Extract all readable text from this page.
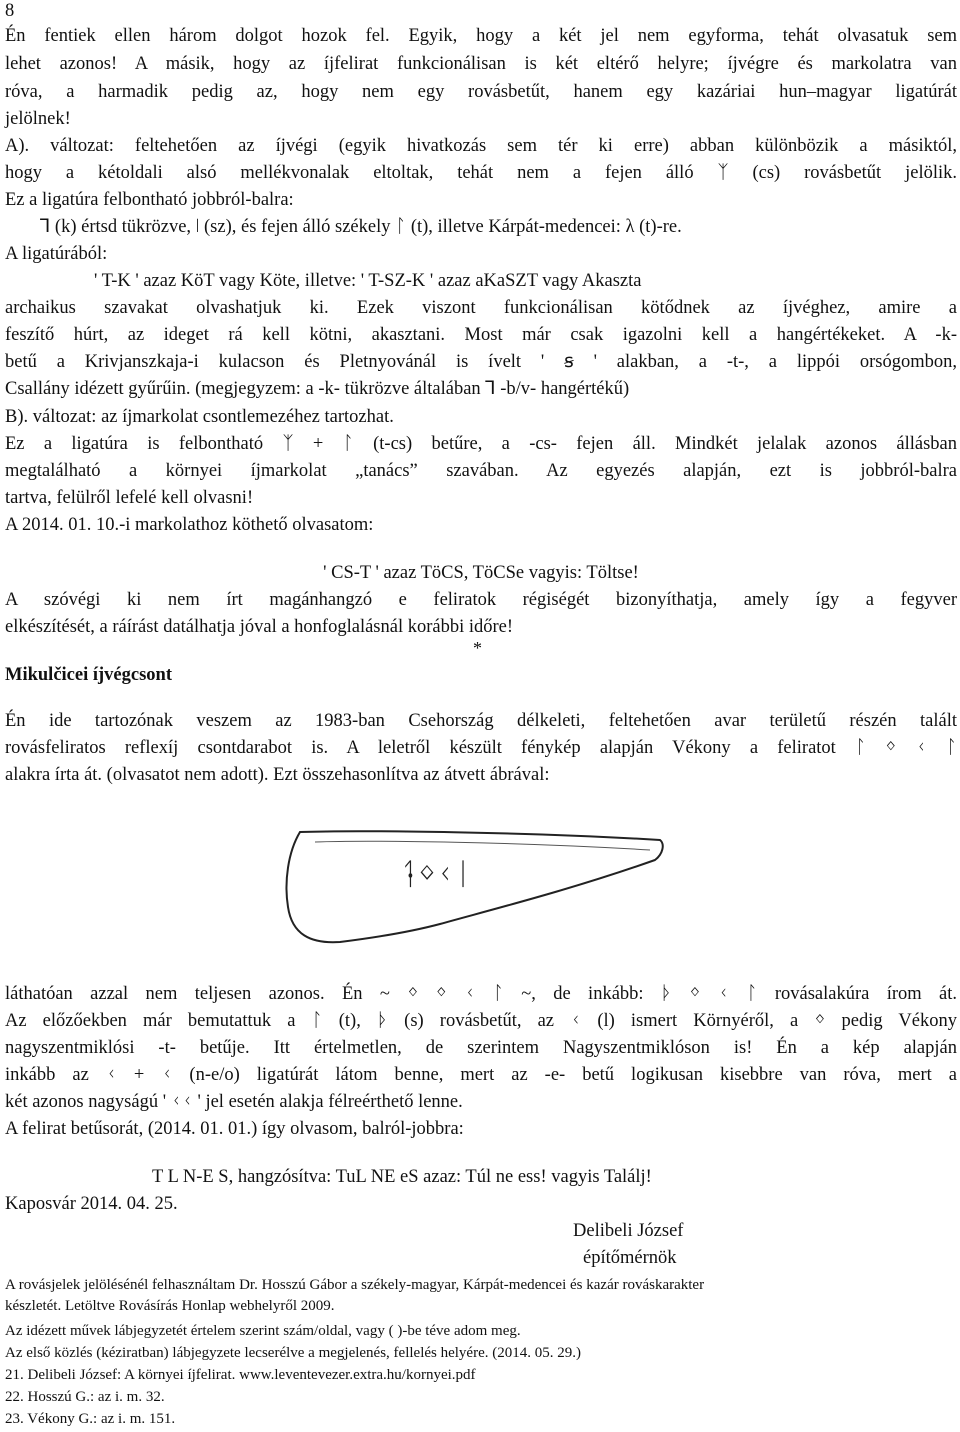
8

Én fentiek ellen három dolgot hozok fel. Egyik, hogy a két jel nem egyforma, tehát olvasatuk sem

lehet azonos! A másik, hogy az íjfelirat funkcionálisan is két eltérő helyre; íjvégre és markolatra van

róva, a harmadik pedig az, hogy nem egy rovásbetűt, hanem egy kazáriai hun–magyar ligatúrát

jelölnek!

A). változat: feltehetően az íjvégi (egyik hivatkozás sem tér ki erre) abban különbözik a másiktól,

hogy a kétoldali alsó mellékvonalak eltoltak, tehát nem a fejen álló ᛉ (cs) rovásbetűt jelölik.

Ez a ligatúra felbontható jobbról-balra:

ꓶ (k) értsd tükrözve, ǀ (sz), és fejen álló székely ᛚ (t), illetve Kárpát-medencei: λ (t)-re.

A ligatúrából:

' T-K ' azaz KöT vagy Köte, illetve: ' T-SZ-K ' azaz aKaSZT vagy Akaszta

archaikus szavakat olvashatjuk ki. Ezek viszont funkcionálisan kötődnek az íjvéghez, amire a

feszítő húrt, az ideget rá kell kötni, akasztani. Most már csak igazolni kell a hangértékeket. A -k-

betű a Krivjanszkaja-i kulacson és Pletnyovánál is ívelt ' ꞩ ' alakban, a -t-, a lippói orsógombon,

Csallány idézett gyűrűin. (megjegyzem: a -k- tükrözve általában ꓶ -b/v- hangértékű)

B). változat: az íjmarkolat csontlemezéhez tartozhat.

Ez a ligatúra is felbontható ᛉ + ᛚ (t-cs) betűre, a -cs- fejen áll. Mindkét jelalak azonos állásban

megtalálható a környei íjmarkolat „tanács” szavában. Az egyezés alapján, ezt is jobbról-balra

tartva, felülről lefelé kell olvasni!

A 2014. 01. 10.-i markolathoz köthető olvasatom:

' CS-T ' azaz TöCS, TöCSe vagyis: Töltse!

A szóvégi ki nem írt magánhangzó e feliratok régiségét bizonyíthatja, amely így a fegyver

elkészítését, a ráírást datálhatja jóval a honfoglalásnál korábbi időre!

*

Mikulčicei íjvégcsont

Én ide tartozónak veszem az 1983-ban Csehország délkeleti, feltehetően avar területű részén talált

rovásfeliratos reflexíj csontdarabot is. A leletről készült fénykép alapján Vékony a feliratot ᛚ ᛜ ᚲ ᛚ

alakra írta át. (olvasatot nem adott). Ezt összehasonlítva az átvett ábrával:

ᛑᛜᚲᛁ

láthatóan azzal nem teljesen azonos. Én ~ ᛜ ᛜ ᚲ ᛚ ~, de inkább: ᚦ ᛜ ᚲ ᛚ rovásalakúra írom át.

Az előzőekben már bemutattuk a ᛚ (t), ᚦ (s) rovásbetűt, az ᚲ (l) ismert Környéről, a ᛜ pedig Vékony

nagyszentmiklósi -t- betűje. Itt értelmetlen, de szerintem Nagyszentmiklóson is! Én a kép alapján

inkább az ᚲ + ᚲ (n-e/o) ligatúrát látom benne, mert az -e- betű logikusan kisebbre van róva, mert a

két azonos nagyságú ' ᚲᚲ ' jel esetén alakja félreérthető lenne.

A felirat betűsorát, (2014. 01. 01.) így olvasom, balról-jobbra:

T L N-E S, hangzósítva: TuL NE eS azaz: Túl ne ess! vagyis Találj!

Kaposvár 2014. 04. 25.

Delibeli József

építőmérnök

A rovásjelek jelölésénél felhasználtam Dr. Hosszú Gábor a székely-magyar, Kárpát-medencei és kazár rováskarakter

készletét. Letöltve Rovásírás Honlap webhelyről 2009.

Az idézett művek lábjegyzetét értelem szerint szám/oldal, vagy ( )-be téve adom meg.

Az első közlés (kéziratban) lábjegyzete lecserélve a megjelenés, fellelés helyére. (2014. 05. 29.)

21. Delibeli József: A környei íjfelirat. www.leventevezer.extra.hu/kornyei.pdf

22. Hosszú G.: az i. m. 32.

23. Vékony G.: az i. m. 151.
